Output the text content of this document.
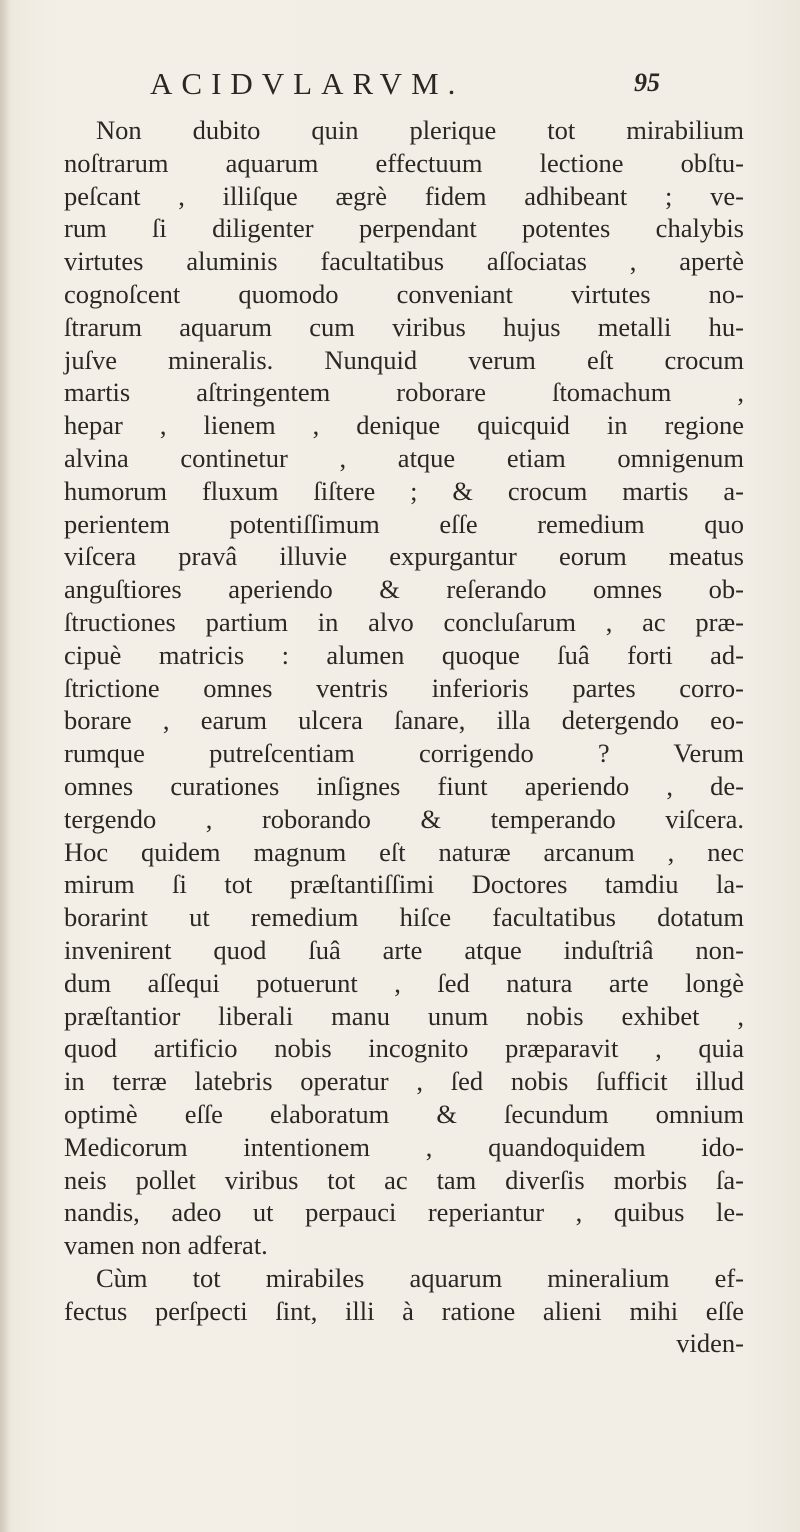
ACIDVLARVM.	95
Non dubito quin plerique tot mirabilium
noſtrarum aquarum effectuum lectione obſtu-
peſcant , illiſque ægrè fidem adhibeant ; ve-
rum ſi diligenter perpendant potentes chalybis
virtutes aluminis facultatibus aſſociatas , apertè
cognoſcent quomodo conveniant virtutes no-
ſtrarum aquarum cum viribus hujus metalli hu-
juſve mineralis. Nunquid verum eſt crocum
martis aſtringentem roborare ſtomachum ,
hepar , lienem , denique quicquid in regione
alvina continetur , atque etiam omnigenum
humorum fluxum ſiſtere ; & crocum martis a-
perientem potentiſſimum eſſe remedium quo
viſcera pravâ illuvie expurgantur eorum meatus
anguſtiores aperiendo & reſerando omnes ob-
ſtructiones partium in alvo concluſarum , ac præ-
cipuè matricis : alumen quoque ſuâ forti ad-
ſtrictione omnes ventris inferioris partes corro-
borare , earum ulcera ſanare, illa detergendo eo-
rumque putreſcentiam corrigendo ? Verum
omnes curationes inſignes fiunt aperiendo , de-
tergendo , roborando & temperando viſcera.
Hoc quidem magnum eſt naturæ arcanum , nec
mirum ſi tot præſtantiſſimi Doctores tamdiu la-
borarint ut remedium hiſce facultatibus dotatum
invenirent quod ſuâ arte atque induſtriâ non-
dum aſſequi potuerunt , ſed natura arte longè
præſtantior liberali manu unum nobis exhibet ,
quod artificio nobis incognito præparavit , quia
in terræ latebris operatur , ſed nobis ſufficit illud
optimè eſſe elaboratum & ſecundum omnium
Medicorum intentionem , quandoquidem ido-
neis pollet viribus tot ac tam diverſis morbis ſa-
nandis, adeo ut perpauci reperiantur , quibus le-
vamen non adferat.
Cùm tot mirabiles aquarum mineralium ef-
fectus perſpecti ſint, illi à ratione alieni mihi eſſe
viden-
